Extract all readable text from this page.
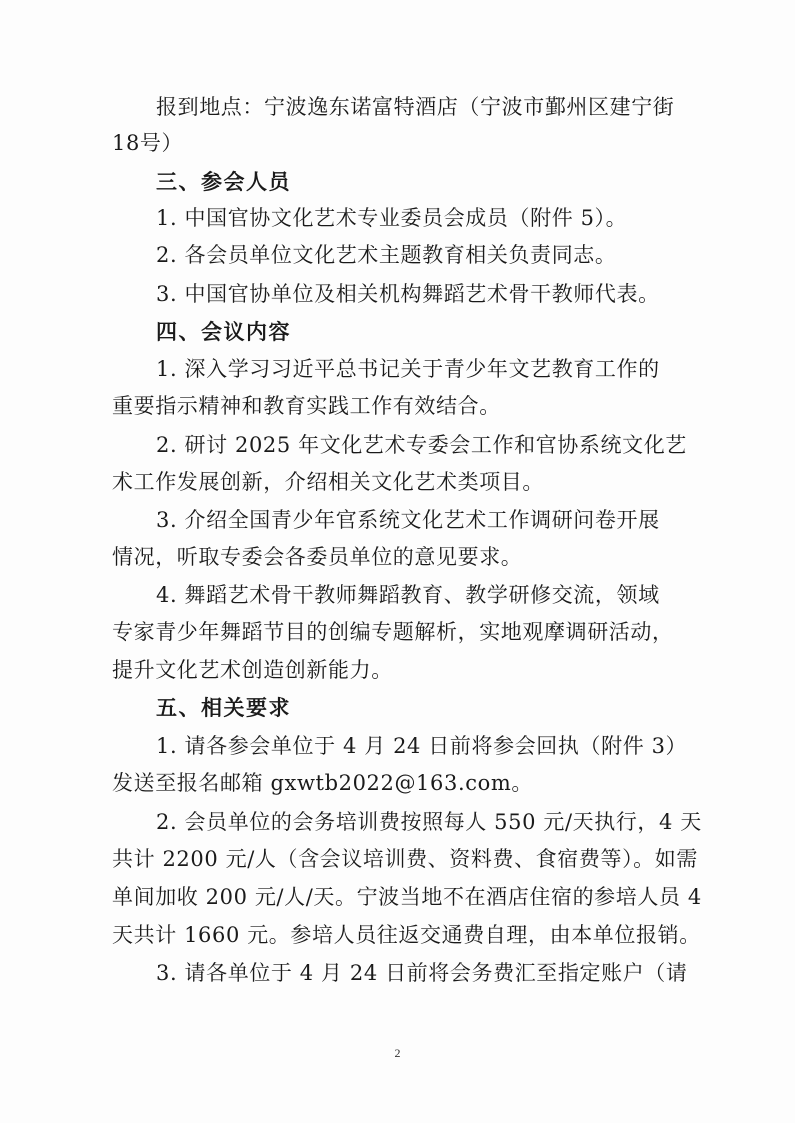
报到地点：宁波逸东诺富特酒店（宁波市鄞州区建宁街
18号）
三、参会人员
1. 中国官协文化艺术专业委员会成员（附件 5）。
2. 各会员单位文化艺术主题教育相关负责同志。
3. 中国官协单位及相关机构舞蹈艺术骨干教师代表。
四、会议内容
1. 深入学习习近平总书记关于青少年文艺教育工作的
重要指示精神和教育实践工作有效结合。
2. 研讨 2025 年文化艺术专委会工作和官协系统文化艺
术工作发展创新，介绍相关文化艺术类项目。
3. 介绍全国青少年官系统文化艺术工作调研问卷开展
情况，听取专委会各委员单位的意见要求。
4. 舞蹈艺术骨干教师舞蹈教育、教学研修交流，领域
专家青少年舞蹈节目的创编专题解析，实地观摩调研活动，
提升文化艺术创造创新能力。
五、相关要求
1. 请各参会单位于 4 月 24 日前将参会回执（附件 3）
发送至报名邮箱 gxwtb2022@163.com。
2. 会员单位的会务培训费按照每人 550 元/天执行，4 天
共计 2200 元/人（含会议培训费、资料费、食宿费等）。如需
单间加收 200 元/人/天。宁波当地不在酒店住宿的参培人员 4
天共计 1660 元。参培人员往返交通费自理，由本单位报销。
3. 请各单位于 4 月 24 日前将会务费汇至指定账户（请
2
